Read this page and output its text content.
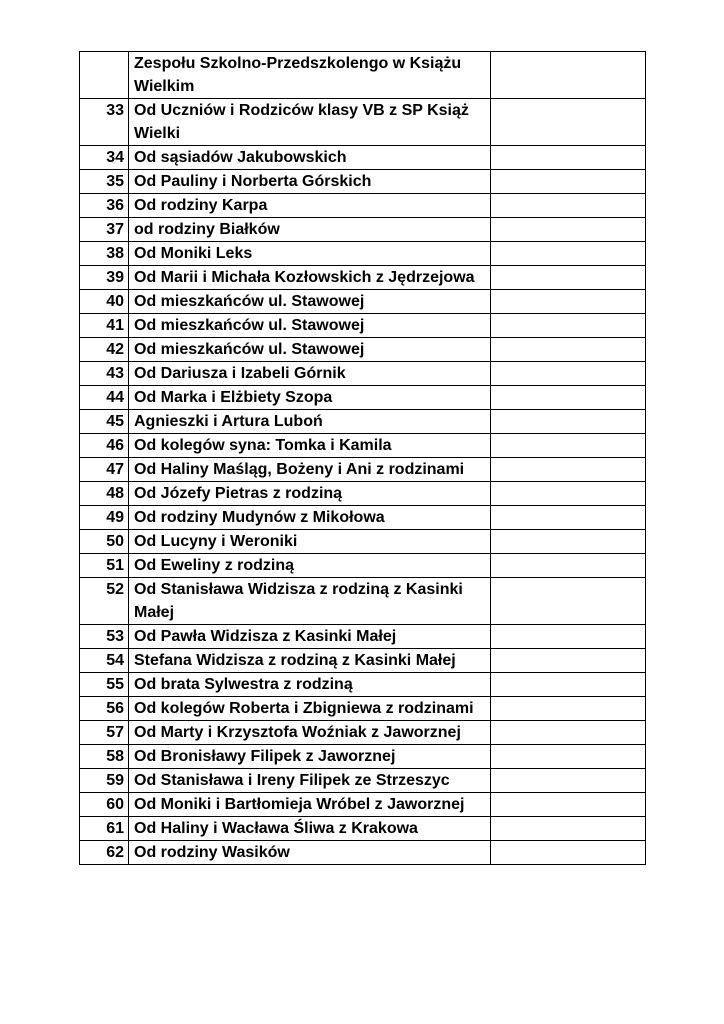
	Zespołu Szkolno-Przedszkolengo w Książu Wielkim	
33	Od Uczniów i Rodziców klasy VB z SP Książ Wielki	
34	Od sąsiadów Jakubowskich	
35	Od Pauliny i Norberta Górskich	
36	Od rodziny Karpa	
37	od rodziny Białków	
38	Od Moniki Leks	
39	Od Marii i Michała Kozłowskich z Jędrzejowa	
40	Od mieszkańców ul. Stawowej	
41	Od mieszkańców ul. Stawowej	
42	Od mieszkańców ul. Stawowej	
43	Od Dariusza i Izabeli Górnik	
44	Od Marka i Elżbiety Szopa	
45	Agnieszki i Artura Luboń	
46	Od kolegów syna: Tomka i Kamila	
47	Od Haliny Maśląg, Bożeny i Ani z rodzinami	
48	Od Józefy Pietras z rodziną	
49	Od rodziny Mudynów z Mikołowa	
50	Od Lucyny i Weroniki	
51	Od Eweliny z rodziną	
52	Od Stanisława Widzisza z rodziną z Kasinki Małej	
53	Od Pawła Widzisza z Kasinki Małej	
54	Stefana Widzisza z rodziną z Kasinki Małej	
55	Od brata Sylwestra z rodziną	
56	Od kolegów Roberta i Zbigniewa z rodzinami	
57	Od Marty i Krzysztofa Woźniak z Jaworznej	
58	Od Bronisławy Filipek z Jaworznej	
59	Od Stanisława i Ireny Filipek ze Strzeszyc	
60	Od Moniki i Bartłomieja Wróbel z Jaworznej	
61	Od Haliny i Wacława Śliwa z Krakowa	
62	Od rodziny Wasików	
